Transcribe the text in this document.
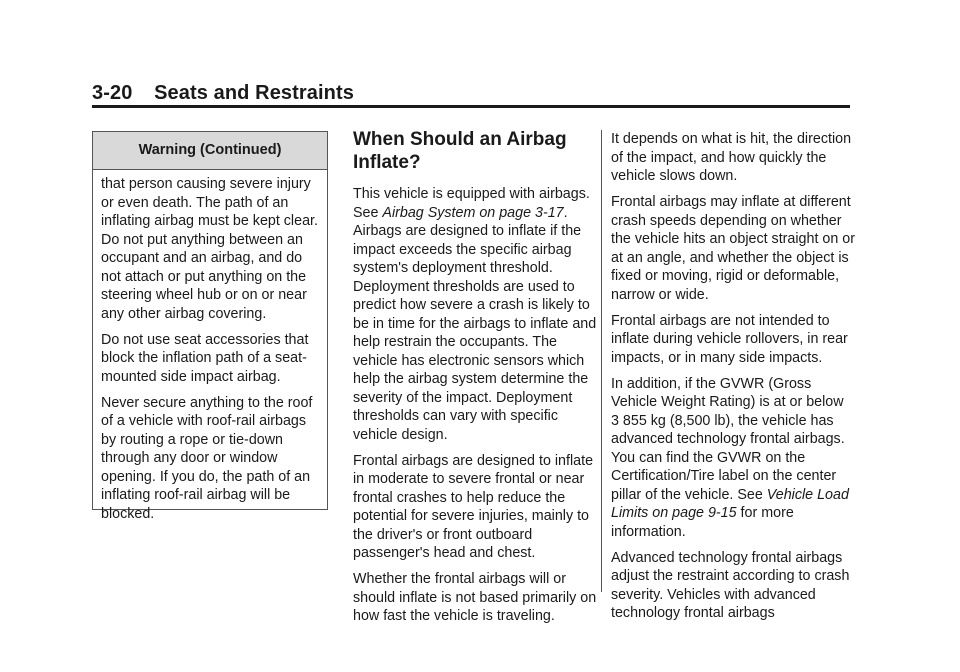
3-20 Seats and Restraints
Warning (Continued)

that person causing severe injury or even death. The path of an inflating airbag must be kept clear. Do not put anything between an occupant and an airbag, and do not attach or put anything on the steering wheel hub or on or near any other airbag covering.

Do not use seat accessories that block the inflation path of a seat-mounted side impact airbag.

Never secure anything to the roof of a vehicle with roof-rail airbags by routing a rope or tie-down through any door or window opening. If you do, the path of an inflating roof-rail airbag will be blocked.

When Should an Airbag Inflate?

This vehicle is equipped with airbags. See Airbag System on page 3-17. Airbags are designed to inflate if the impact exceeds the specific airbag system's deployment threshold. Deployment thresholds are used to predict how severe a crash is likely to be in time for the airbags to inflate and help restrain the occupants. The vehicle has electronic sensors which help the airbag system determine the severity of the impact. Deployment thresholds can vary with specific vehicle design.

Frontal airbags are designed to inflate in moderate to severe frontal or near frontal crashes to help reduce the potential for severe injuries, mainly to the driver's or front outboard passenger's head and chest.

Whether the frontal airbags will or should inflate is not based primarily on how fast the vehicle is traveling.

It depends on what is hit, the direction of the impact, and how quickly the vehicle slows down.

Frontal airbags may inflate at different crash speeds depending on whether the vehicle hits an object straight on or at an angle, and whether the object is fixed or moving, rigid or deformable, narrow or wide.

Frontal airbags are not intended to inflate during vehicle rollovers, in rear impacts, or in many side impacts.

In addition, if the GVWR (Gross Vehicle Weight Rating) is at or below 3 855 kg (8,500 lb), the vehicle has advanced technology frontal airbags. You can find the GVWR on the Certification/Tire label on the center pillar of the vehicle. See Vehicle Load Limits on page 9-15 for more information.

Advanced technology frontal airbags adjust the restraint according to crash severity. Vehicles with advanced technology frontal airbags
